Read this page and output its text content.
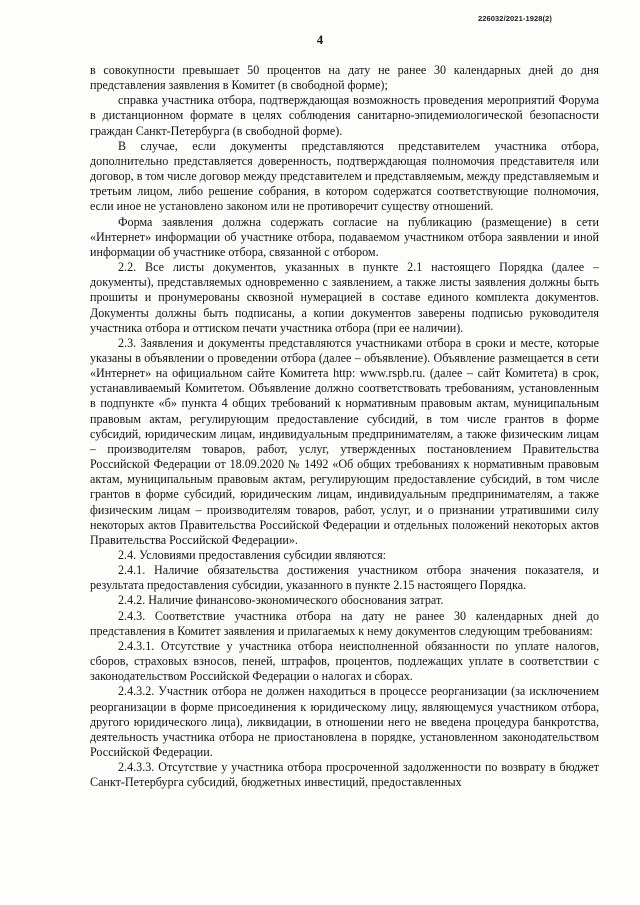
226032/2021-1928(2)
4

в совокупности превышает 50 процентов на дату не ранее 30 календарных дней до дня представления заявления в Комитет (в свободной форме);

справка участника отбора, подтверждающая возможность проведения мероприятий Форума в дистанционном формате в целях соблюдения санитарно-эпидемиологической безопасности граждан Санкт-Петербурга (в свободной форме).

В случае, если документы представляются представителем участника отбора, дополнительно представляется доверенность, подтверждающая полномочия представителя или договор, в том числе договор между представителем и представляемым, между представляемым и третьим лицом, либо решение собрания, в котором содержатся соответствующие полномочия, если иное не установлено законом или не противоречит существу отношений.

Форма заявления должна содержать согласие на публикацию (размещение) в сети «Интернет» информации об участнике отбора, подаваемом участником отбора заявлении и иной информации об участнике отбора, связанной с отбором.

2.2. Все листы документов, указанных в пункте 2.1 настоящего Порядка (далее – документы), представляемых одновременно с заявлением, а также листы заявления должны быть прошиты и пронумерованы сквозной нумерацией в составе единого комплекта документов. Документы должны быть подписаны, а копии документов заверены подписью руководителя участника отбора и оттиском печати участника отбора (при ее наличии).

2.3. Заявления и документы представляются участниками отбора в сроки и месте, которые указаны в объявлении о проведении отбора (далее – объявление). Объявление размещается в сети «Интернет» на официальном сайте Комитета http: www.rspb.ru. (далее – сайт Комитета) в срок, устанавливаемый Комитетом. Объявление должно соответствовать требованиям, установленным в подпункте «б» пункта 4 общих требований к нормативным правовым актам, муниципальным правовым актам, регулирующим предоставление субсидий, в том числе грантов в форме субсидий, юридическим лицам, индивидуальным предпринимателям, а также физическим лицам – производителям товаров, работ, услуг, утвержденных постановлением Правительства Российской Федерации от 18.09.2020 № 1492 «Об общих требованиях к нормативным правовым актам, муниципальным правовым актам, регулирующим предоставление субсидий, в том числе грантов в форме субсидий, юридическим лицам, индивидуальным предпринимателям, а также физическим лицам – производителям товаров, работ, услуг, и о признании утратившими силу некоторых актов Правительства Российской Федерации и отдельных положений некоторых актов Правительства Российской Федерации».

2.4. Условиями предоставления субсидии являются:

2.4.1. Наличие обязательства достижения участником отбора значения показателя, и результата предоставления субсидии, указанного в пункте 2.15 настоящего Порядка.

2.4.2. Наличие финансово-экономического обоснования затрат.

2.4.3. Соответствие участника отбора на дату не ранее 30 календарных дней до представления в Комитет заявления и прилагаемых к нему документов следующим требованиям:

2.4.3.1. Отсутствие у участника отбора неисполненной обязанности по уплате налогов, сборов, страховых взносов, пеней, штрафов, процентов, подлежащих уплате в соответствии с законодательством Российской Федерации о налогах и сборах.

2.4.3.2. Участник отбора не должен находиться в процессе реорганизации (за исключением реорганизации в форме присоединения к юридическому лицу, являющемуся участником отбора, другого юридического лица), ликвидации, в отношении него не введена процедура банкротства, деятельность участника отбора не приостановлена в порядке, установленном законодательством Российской Федерации.

2.4.3.3. Отсутствие у участника отбора просроченной задолженности по возврату в бюджет Санкт-Петербурга субсидий, бюджетных инвестиций, предоставленных
